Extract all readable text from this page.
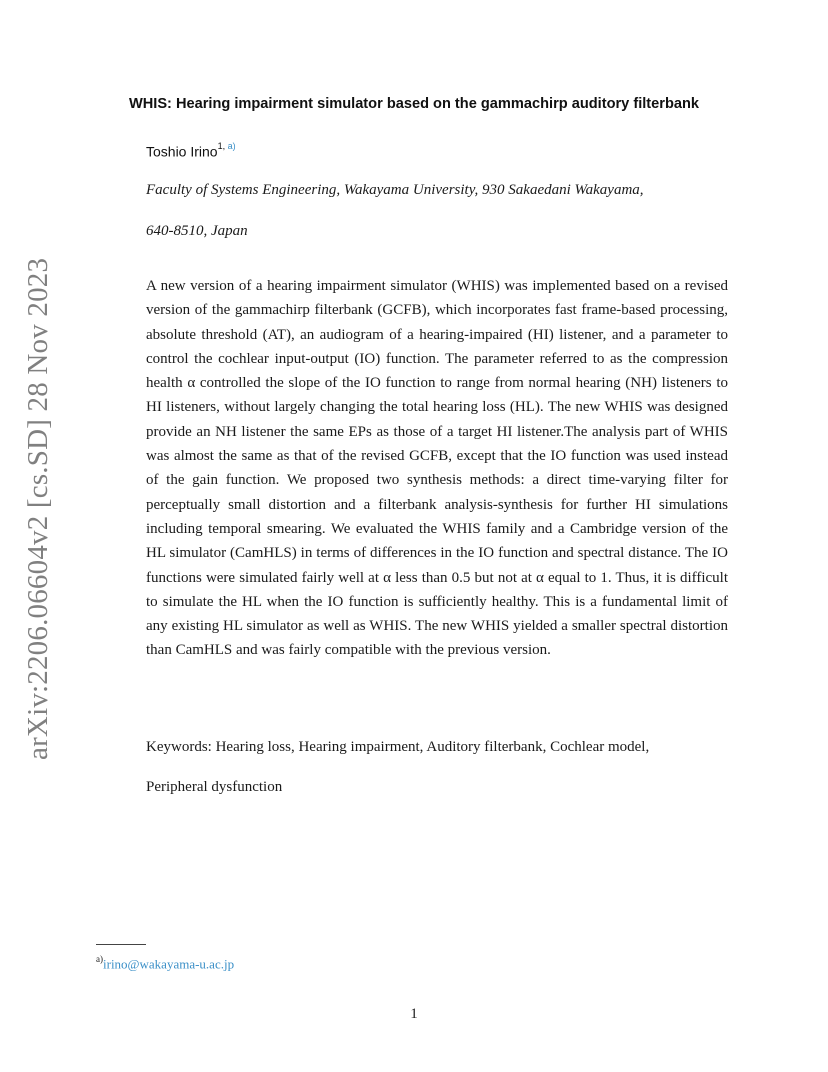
arXiv:2206.06604v2 [cs.SD] 28 Nov 2023
WHIS: Hearing impairment simulator based on the gammachirp auditory filterbank
Toshio Irino$^{1, a)}$
Faculty of Systems Engineering, Wakayama University, 930 Sakaedani Wakayama,
640-8510, Japan
A new version of a hearing impairment simulator (WHIS) was implemented based on a revised version of the gammachirp filterbank (GCFB), which incorporates fast frame-based processing, absolute threshold (AT), an audiogram of a hearing-impaired (HI) listener, and a parameter to control the cochlear input-output (IO) function. The parameter referred to as the compression health α controlled the slope of the IO function to range from normal hearing (NH) listeners to HI listeners, without largely changing the total hearing loss (HL). The new WHIS was designed provide an NH listener the same EPs as those of a target HI listener.The analysis part of WHIS was almost the same as that of the revised GCFB, except that the IO function was used instead of the gain function. We proposed two synthesis methods: a direct time-varying filter for perceptually small distortion and a filterbank analysis-synthesis for further HI simulations including temporal smearing. We evaluated the WHIS family and a Cambridge version of the HL simulator (CamHLS) in terms of differences in the IO function and spectral distance. The IO functions were simulated fairly well at α less than 0.5 but not at α equal to 1. Thus, it is difficult to simulate the HL when the IO function is sufficiently healthy. This is a fundamental limit of any existing HL simulator as well as WHIS. The new WHIS yielded a smaller spectral distortion than CamHLS and was fairly compatible with the previous version.
Keywords: Hearing loss, Hearing impairment, Auditory filterbank, Cochlear model,
Peripheral dysfunction
$^{a)}$irino@wakayama-u.ac.jp
1
